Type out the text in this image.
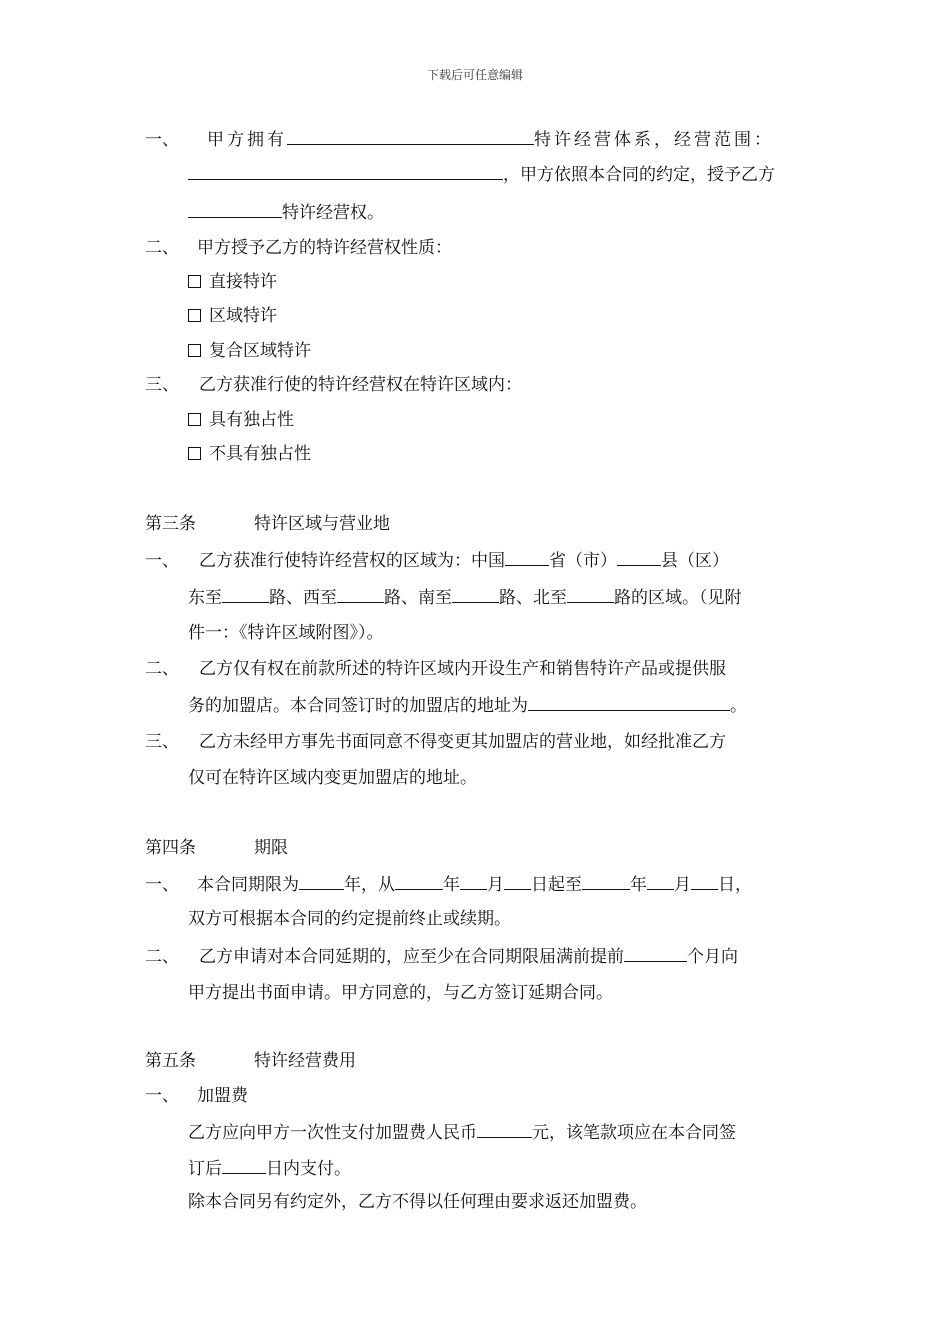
下载后可任意编辑
一、 甲方拥有	特许经营体系，经营范围：
，甲方依照本合同的约定，授予乙方
特许经营权。
二、 甲方授予乙方的特许经营权性质：
直接特许
区域特许
复合区域特许
三、 乙方获准行使的特许经营权在特许区域内：
具有独占性
不具有独占性
第三条	特许区域与营业地
一、 乙方获准行使特许经营权的区域为：中国	省（市）	县（区）
东至	路、西至	路、南至	路、北至	路的区域。（见附
件一：《特许区域附图》）。
二、 乙方仅有权在前款所述的特许区域内开设生产和销售特许产品或提供服
务的加盟店。本合同签订时的加盟店的地址为	。
三、 乙方未经甲方事先书面同意不得变更其加盟店的营业地，如经批准乙方
仅可在特许区域内变更加盟店的地址。
第四条	期限
一、 本合同期限为	年，从	年 月 日起至	年 月 日，
双方可根据本合同的约定提前终止或续期。
二、 乙方申请对本合同延期的，应至少在合同期限届满前提前	个月向
甲方提出书面申请。甲方同意的，与乙方签订延期合同。
第五条	特许经营费用
一、 加盟费
乙方应向甲方一次性支付加盟费人民币	元，该笔款项应在本合同签
订后	日内支付。
除本合同另有约定外，乙方不得以任何理由要求返还加盟费。
